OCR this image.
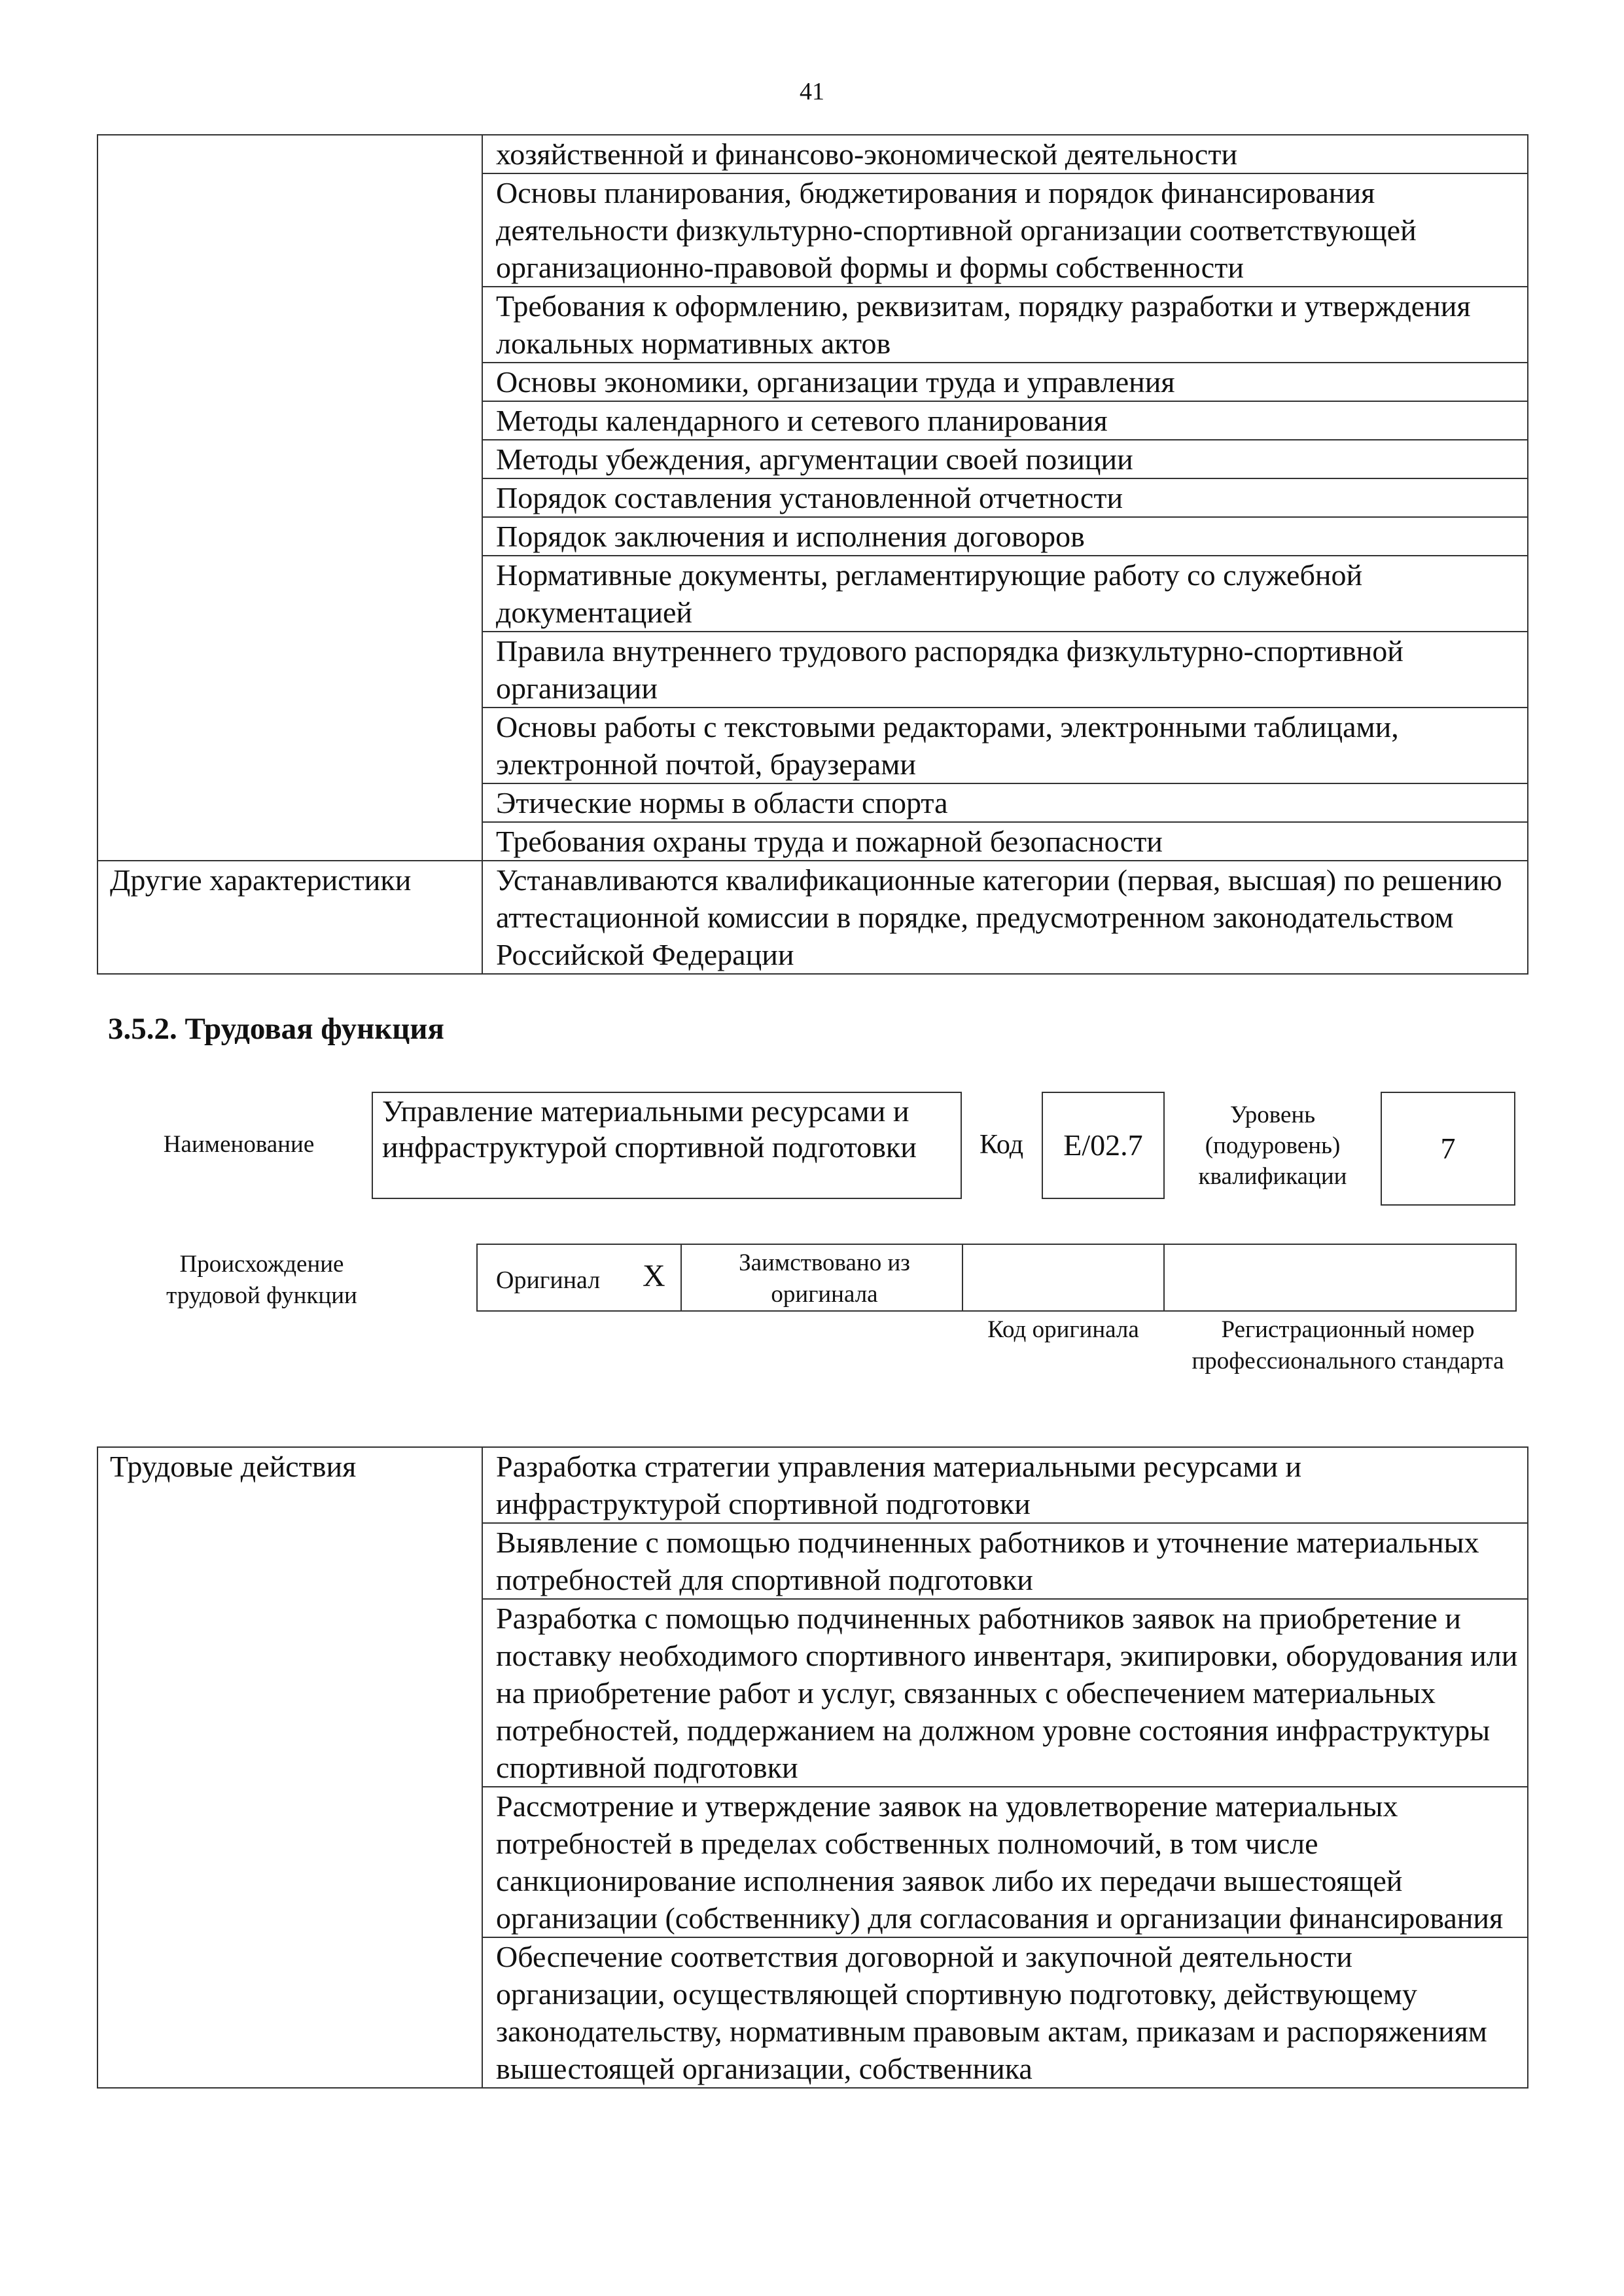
41
	хозяйственной и финансово-экономической деятельности
	Основы планирования, бюджетирования и порядок финансирования деятельности физкультурно-спортивной организации соответствующей организационно-правовой формы и формы собственности
	Требования к оформлению, реквизитам, порядку разработки и утверждения локальных нормативных актов
	Основы экономики, организации труда и управления
	Методы календарного и сетевого планирования
	Методы убеждения, аргументации своей позиции
	Порядок составления установленной отчетности
	Порядок заключения и исполнения договоров
	Нормативные документы, регламентирующие работу со служебной документацией
	Правила внутреннего трудового распорядка физкультурно-спортивной организации
	Основы работы с текстовыми редакторами, электронными таблицами, электронной почтой, браузерами
	Этические нормы в области спорта
	Требования охраны труда и пожарной безопасности
Другие характеристики	Устанавливаются квалификационные категории (первая, высшая) по решению аттестационной комиссии в порядке, предусмотренном законодательством Российской Федерации
3.5.2. Трудовая функция
Наименование
Управление материальными ресурсами и инфраструктурой спортивной подготовки	Код	E/02.7
Уровень (подуровень) квалификации
7
Происхождение трудовой функции
Оригинал X	Заимствовано из оригинала
Код оригинала	Регистрационный номер профессионального стандарта
Трудовые действия	Разработка стратегии управления материальными ресурсами и инфраструктурой спортивной подготовки
Выявление с помощью подчиненных работников и уточнение материальных потребностей для спортивной подготовки
Разработка с помощью подчиненных работников заявок на приобретение и поставку необходимого спортивного инвентаря, экипировки, оборудования или на приобретение работ и услуг, связанных с обеспечением материальных потребностей, поддержанием на должном уровне состояния инфраструктуры спортивной подготовки
Рассмотрение и утверждение заявок на удовлетворение материальных потребностей в пределах собственных полномочий, в том числе санкционирование исполнения заявок либо их передачи вышестоящей организации (собственнику) для согласования и организации финансирования
Обеспечение соответствия договорной и закупочной деятельности организации, осуществляющей спортивную подготовку, действующему законодательству, нормативным правовым актам, приказам и распоряжениям вышестоящей организации, собственника
